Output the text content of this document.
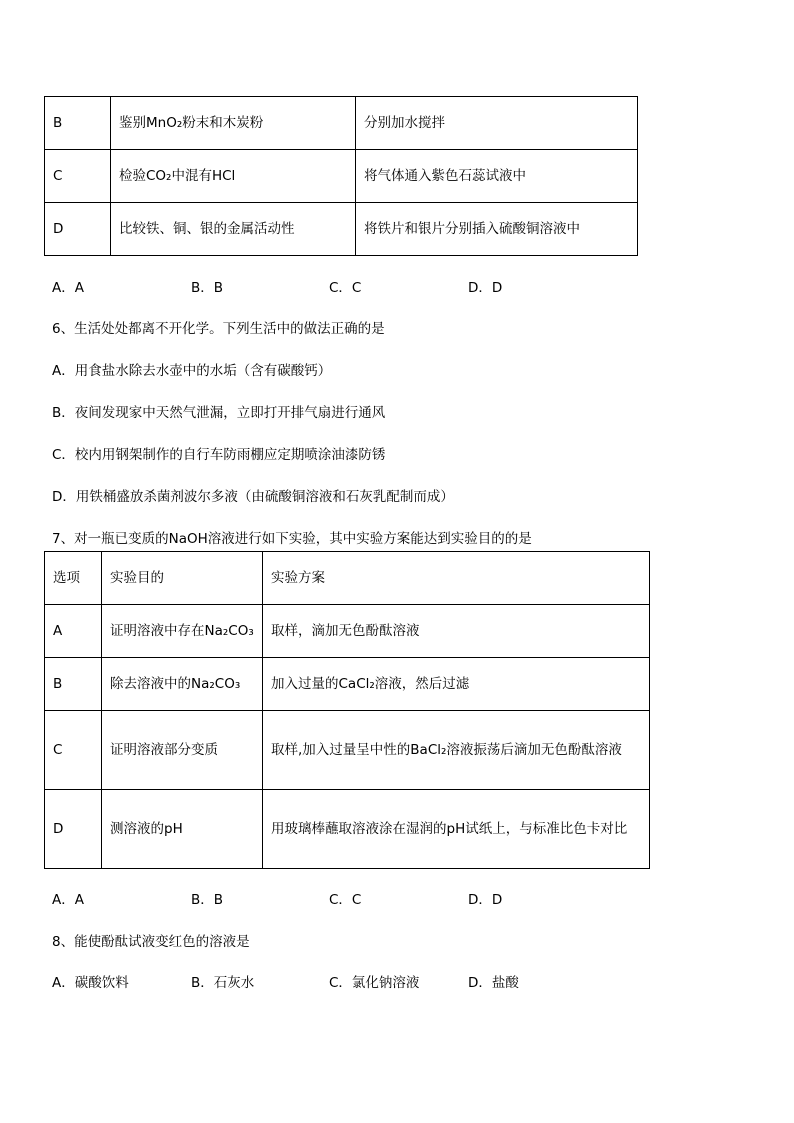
B	鉴别MnO₂粉末和木炭粉	分别加水搅拌
C	检验CO₂中混有HCl	将气体通入紫色石蕊试液中
D	比较铁、铜、银的金属活动性	将铁片和银片分别插入硫酸铜溶液中
A．A	B．B	C．C	D．D
6、生活处处都离不开化学。下列生活中的做法正确的是
A．用食盐水除去水壶中的水垢（含有碳酸钙）
B．夜间发现家中天然气泄漏，立即打开排气扇进行通风
C．校内用钢架制作的自行车防雨棚应定期喷涂油漆防锈
D．用铁桶盛放杀菌剂波尔多液（由硫酸铜溶液和石灰乳配制而成）
7、对一瓶已变质的NaOH溶液进行如下实验，其中实验方案能达到实验目的的是
选项	实验目的	实验方案
A	证明溶液中存在Na₂CO₃	取样，滴加无色酚酞溶液
B	除去溶液中的Na₂CO₃	加入过量的CaCl₂溶液，然后过滤
C	证明溶液部分变质	取样,加入过量呈中性的BaCl₂溶液振荡后滴加无色酚酞溶液
D	测溶液的pH	用玻璃棒蘸取溶液涂在湿润的pH试纸上，与标准比色卡对比
A．A	B．B	C．C	D．D
8、能使酚酞试液变红色的溶液是
A．碳酸饮料	B．石灰水	C．氯化钠溶液	D．盐酸
